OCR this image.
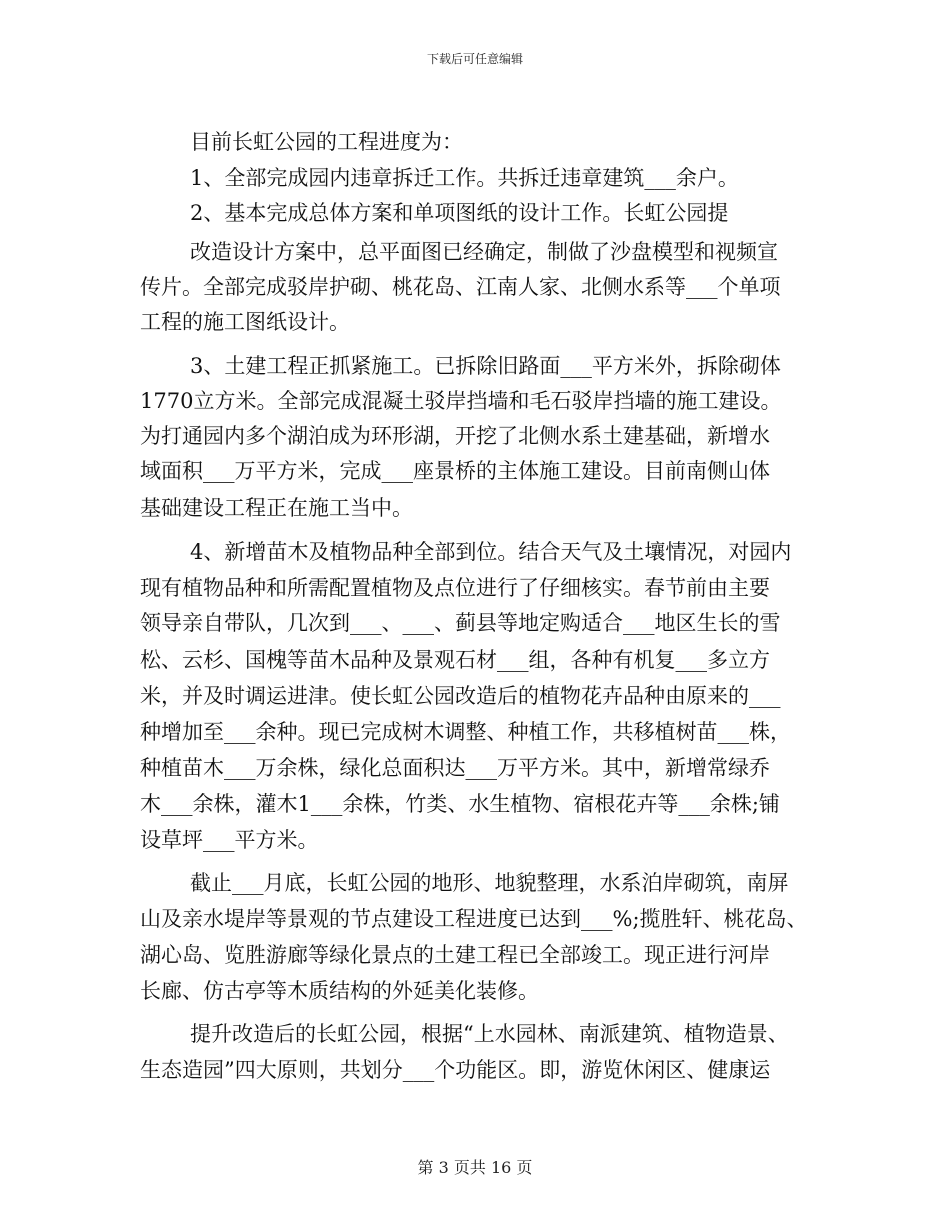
下载后可任意编辑
目前长虹公园的工程进度为：
1、全部完成园内违章拆迁工作。共拆迁违章建筑___余户。
2、基本完成总体方案和单项图纸的设计工作。长虹公园提
改造设计方案中，总平面图已经确定，制做了沙盘模型和视频宣
传片。全部完成驳岸护砌、桃花岛、江南人家、北侧水系等___个单项
工程的施工图纸设计。
3、土建工程正抓紧施工。已拆除旧路面___平方米外，拆除砌体
1770立方米。全部完成混凝土驳岸挡墙和毛石驳岸挡墙的施工建设。
为打通园内多个湖泊成为环形湖，开挖了北侧水系土建基础，新增水
域面积___万平方米，完成___座景桥的主体施工建设。目前南侧山体
基础建设工程正在施工当中。
4、新增苗木及植物品种全部到位。结合天气及土壤情况，对园内
现有植物品种和所需配置植物及点位进行了仔细核实。春节前由主要
领导亲自带队，几次到___、___、蓟县等地定购适合___地区生长的雪
松、云杉、国槐等苗木品种及景观石材___组，各种有机复___多立方
米，并及时调运进津。使长虹公园改造后的植物花卉品种由原来的___
种增加至___余种。现已完成树木调整、种植工作，共移植树苗___株，
种植苗木___万余株，绿化总面积达___万平方米。其中，新增常绿乔
木___余株，灌木1___余株，竹类、水生植物、宿根花卉等___余株;铺
设草坪___平方米。
截止___月底，长虹公园的地形、地貌整理，水系泊岸砌筑，南屏
山及亲水堤岸等景观的节点建设工程进度已达到___%;揽胜轩、桃花岛、
湖心岛、览胜游廊等绿化景点的土建工程已全部竣工。现正进行河岸
长廊、仿古亭等木质结构的外延美化装修。
提升改造后的长虹公园，根据“上水园林、南派建筑、植物造景、
生态造园”四大原则，共划分___个功能区。即，游览休闲区、健康运
第 3 页共 16 页
